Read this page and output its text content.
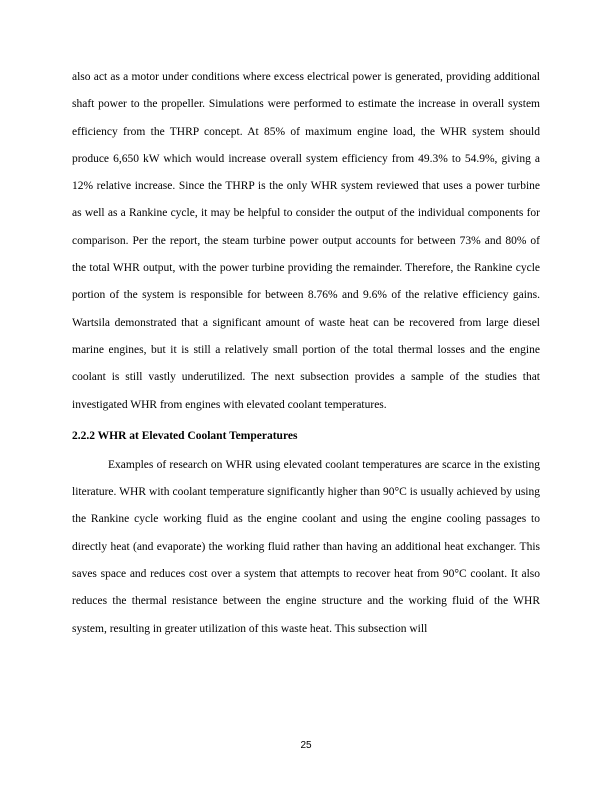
also act as a motor under conditions where excess electrical power is generated, providing additional shaft power to the propeller. Simulations were performed to estimate the increase in overall system efficiency from the THRP concept. At 85% of maximum engine load, the WHR system should produce 6,650 kW which would increase overall system efficiency from 49.3% to 54.9%, giving a 12% relative increase. Since the THRP is the only WHR system reviewed that uses a power turbine as well as a Rankine cycle, it may be helpful to consider the output of the individual components for comparison. Per the report, the steam turbine power output accounts for between 73% and 80% of the total WHR output, with the power turbine providing the remainder. Therefore, the Rankine cycle portion of the system is responsible for between 8.76% and 9.6% of the relative efficiency gains. Wartsila demonstrated that a significant amount of waste heat can be recovered from large diesel marine engines, but it is still a relatively small portion of the total thermal losses and the engine coolant is still vastly underutilized. The next subsection provides a sample of the studies that investigated WHR from engines with elevated coolant temperatures.

2.2.2 WHR at Elevated Coolant Temperatures

Examples of research on WHR using elevated coolant temperatures are scarce in the existing literature. WHR with coolant temperature significantly higher than 90°C is usually achieved by using the Rankine cycle working fluid as the engine coolant and using the engine cooling passages to directly heat (and evaporate) the working fluid rather than having an additional heat exchanger. This saves space and reduces cost over a system that attempts to recover heat from 90°C coolant. It also reduces the thermal resistance between the engine structure and the working fluid of the WHR system, resulting in greater utilization of this waste heat. This subsection will

25
